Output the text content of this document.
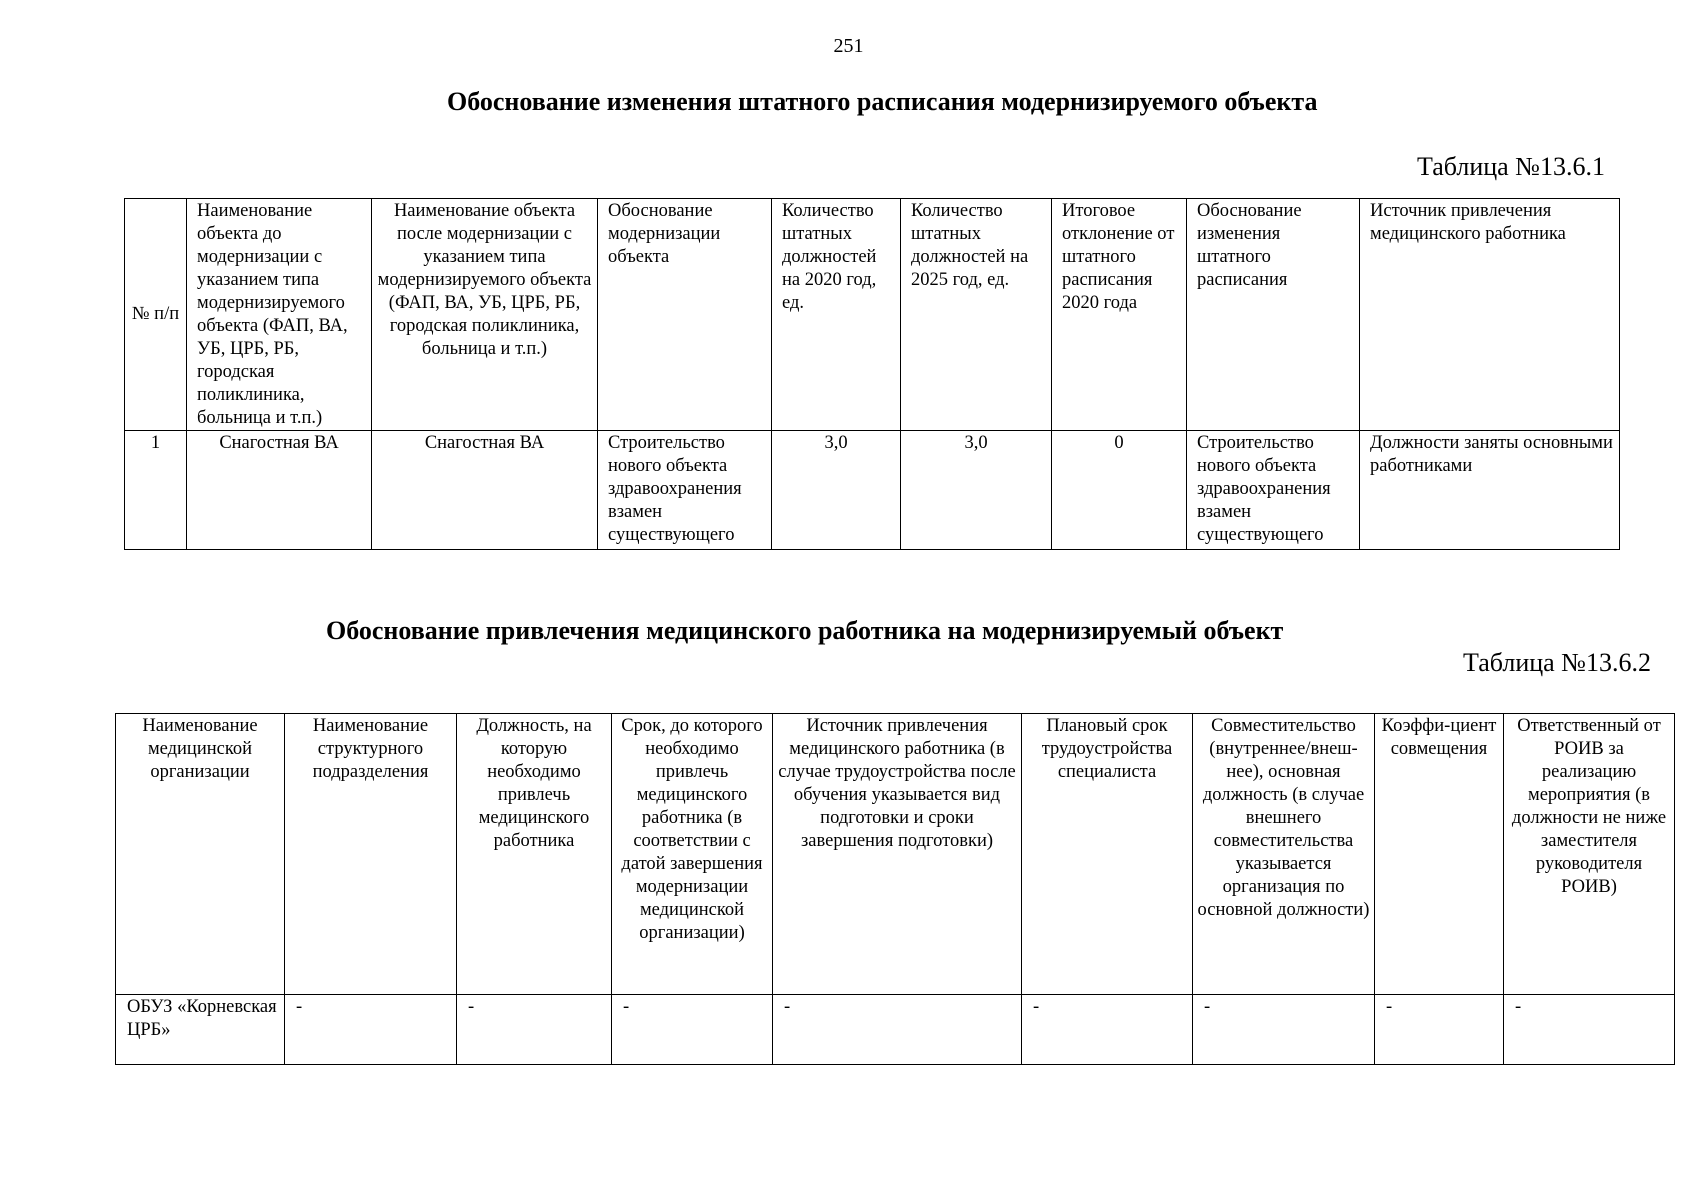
251
Обоснование изменения штатного расписания модернизируемого объекта
Таблица №13.6.1
№ п/п	Наименование объекта до модернизации с указанием типа модернизируемого объекта (ФАП, ВА, УБ, ЦРБ, РБ, городская поликлиника, больница и т.п.)	Наименование объекта после модернизации с указанием типа модернизируемого объекта (ФАП, ВА, УБ, ЦРБ, РБ, городская поликлиника, больница и т.п.)	Обоснование модернизации объекта	Количество штатных должностей на 2020 год, ед.	Количество штатных должностей на 2025 год, ед.	Итоговое отклонение от штатного расписания 2020 года	Обоснование изменения штатного расписания	Источник привлечения медицинского работника
1	Снагостная ВА	Снагостная ВА	Строительство нового объекта здравоохранения взамен существующего	3,0	3,0	0	Строительство нового объекта здравоохранения взамен существующего	Должности заняты основными работниками
Обоснование привлечения медицинского работника на модернизируемый объект
Таблица №13.6.2
Наименование медицинской организации	Наименование структурного подразделения	Должность, на которую необходимо привлечь медицинского работника	Срок, до которого необходимо привлечь медицинского работника (в соответствии с датой завершения модернизации медицинской организации)	Источник привлечения медицинского работника (в случае трудоустройства после обучения указывается вид подготовки и сроки завершения подготовки)	Плановый срок трудоустройства специалиста	Совместительство (внутреннее/внеш-нее), основная должность (в случае внешнего совместительства указывается организация по основной должности)	Коэффи-циент совмещения	Ответственный от РОИВ за реализацию мероприятия (в должности не ниже заместителя руководителя РОИВ)
ОБУЗ «Корневская ЦРБ»	-	-	-	-	-	-	-	-
